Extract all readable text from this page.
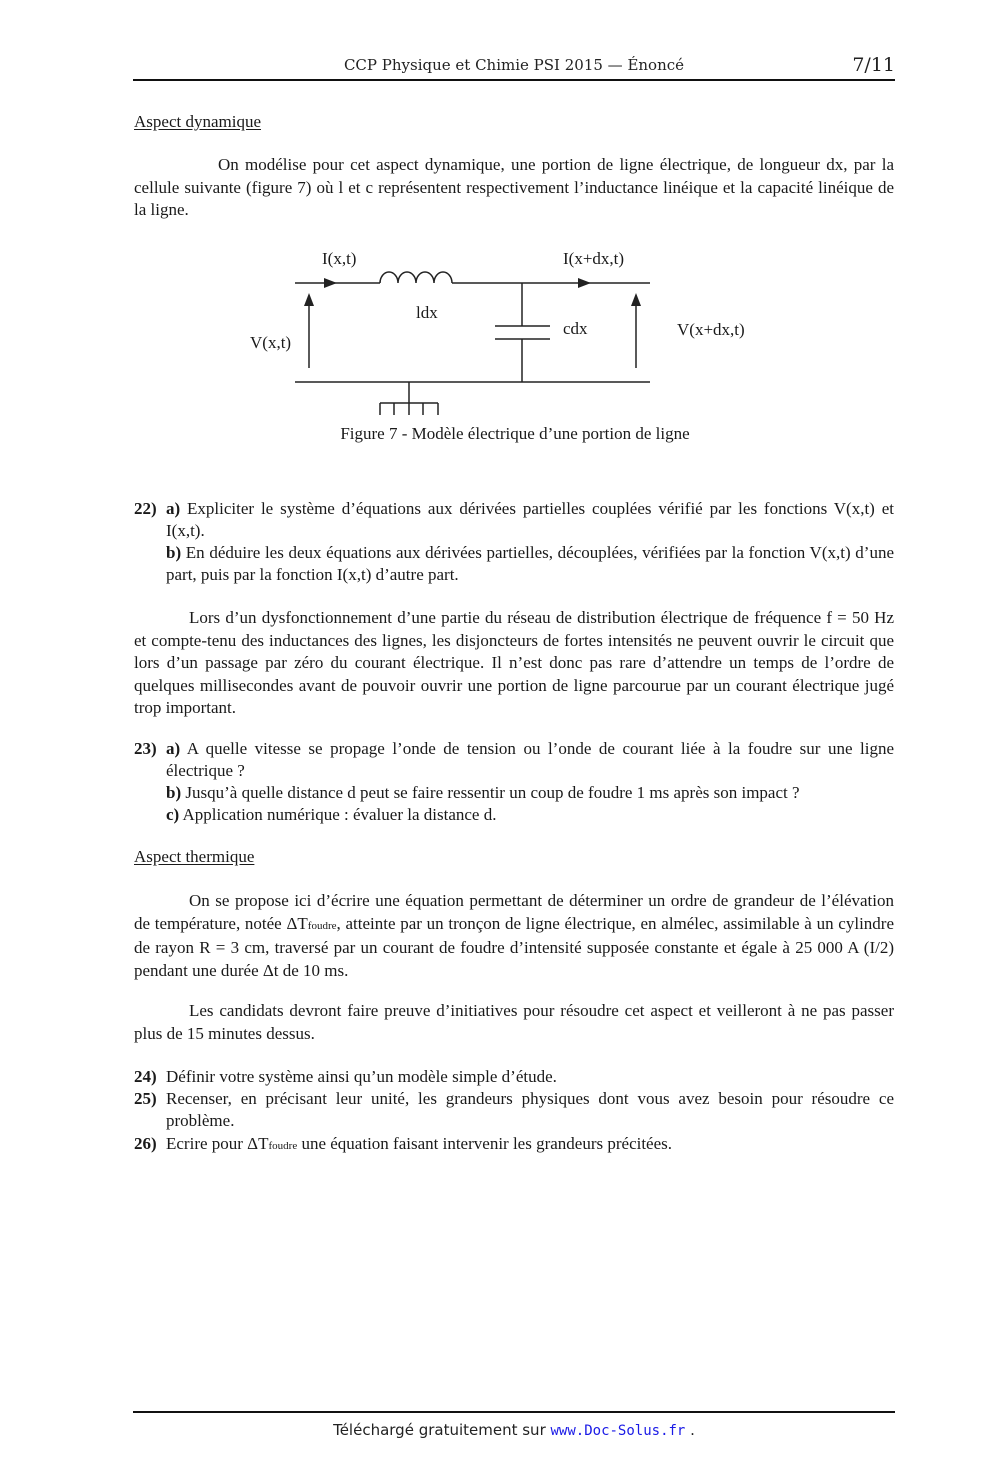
CCP Physique et Chimie PSI 2015 — Énoncé	7/11
Aspect dynamique
On modélise pour cet aspect dynamique, une portion de ligne électrique, de longueur dx, par la cellule suivante (figure 7) où l et c représentent respectivement l’inductance linéique et la capacité linéique de la ligne.
I(x,t)	I(x+dx,t)
ldx
cdx
V(x,t)
V(x+dx,t)
Figure 7 - Modèle électrique d’une portion de ligne
22) a) Expliciter le système d’équations aux dérivées partielles couplées vérifié par les fonctions V(x,t) et I(x,t).
b) En déduire les deux équations aux dérivées partielles, découplées, vérifiées par la fonction V(x,t) d’une part, puis par la fonction I(x,t) d’autre part.
Lors d’un dysfonctionnement d’une partie du réseau de distribution électrique de fréquence f = 50 Hz et compte-tenu des inductances des lignes, les disjoncteurs de fortes intensités ne peuvent ouvrir le circuit que lors d’un passage par zéro du courant électrique. Il n’est donc pas rare d’attendre un temps de l’ordre de quelques millisecondes avant de pouvoir ouvrir une portion de ligne parcourue par un courant électrique jugé trop important.
23) a) A quelle vitesse se propage l’onde de tension ou l’onde de courant liée à la foudre sur une ligne électrique ?
b) Jusqu’à quelle distance d peut se faire ressentir un coup de foudre 1 ms après son impact ?
c) Application numérique : évaluer la distance d.
Aspect thermique
On se propose ici d’écrire une équation permettant de déterminer un ordre de grandeur de l’élévation de température, notée ΔTfoudre, atteinte par un tronçon de ligne électrique, en almélec, assimilable à un cylindre de rayon R = 3 cm, traversé par un courant de foudre d’intensité supposée constante et égale à 25 000 A (I/2) pendant une durée Δt de 10 ms.
Les candidats devront faire preuve d’initiatives pour résoudre cet aspect et veilleront à ne pas passer plus de 15 minutes dessus.
24) Définir votre système ainsi qu’un modèle simple d’étude.
25) Recenser, en précisant leur unité, les grandeurs physiques dont vous avez besoin pour résoudre ce problème.
26) Ecrire pour ΔTfoudre une équation faisant intervenir les grandeurs précitées.
Téléchargé gratuitement sur www.Doc-Solus.fr .
